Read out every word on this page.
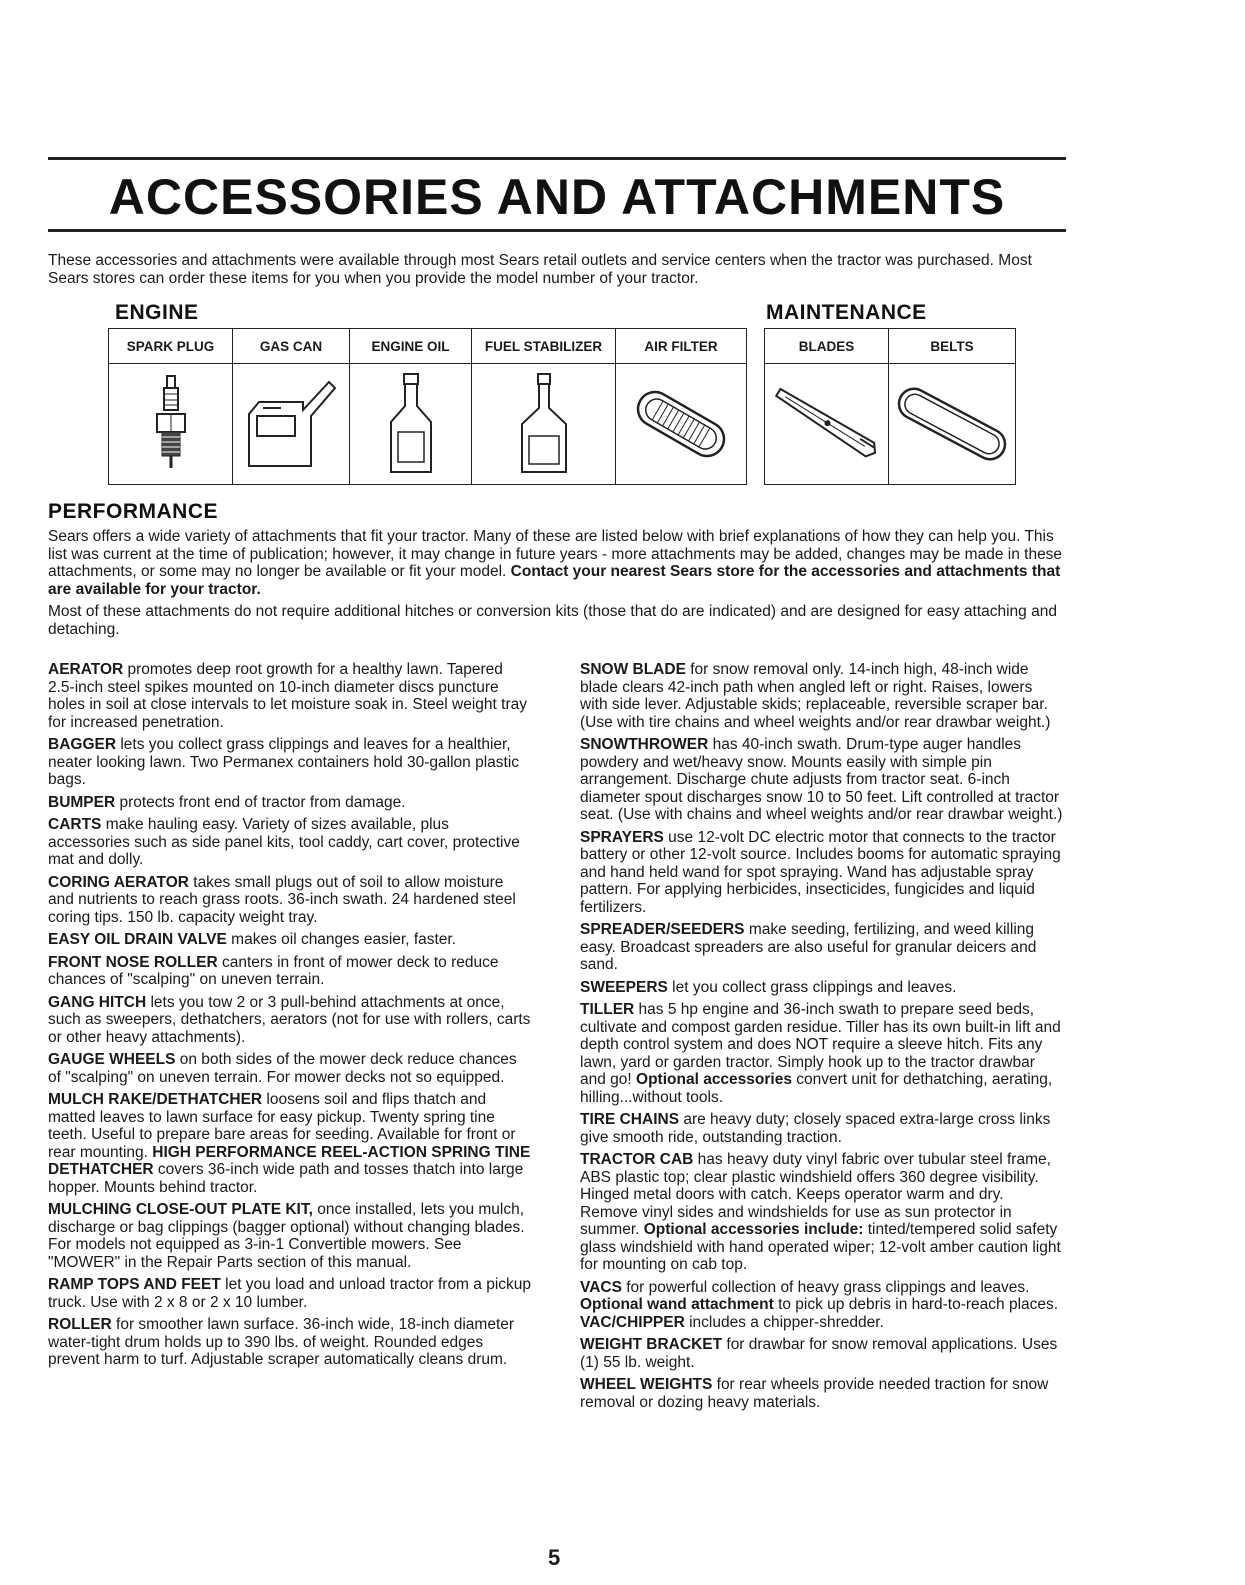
ACCESSORIES AND ATTACHMENTS
These accessories and attachments were available through most Sears retail outlets and service centers when the tractor was purchased. Most Sears stores can order these items for you when you provide the model number of your tractor.
ENGINE	MAINTENANCE
SPARK PLUG	GAS CAN	ENGINE OIL	FUEL STABILIZER	AIR FILTER

		BLADES	BELTS

PERFORMANCE
Sears offers a wide variety of attachments that fit your tractor. Many of these are listed below with brief explanations of how they can help you. This list was current at the time of publication; however, it may change in future years - more attachments may be added, changes may be made in these attachments, or some may no longer be available or fit your model. Contact your nearest Sears store for the accessories and attachments that are available for your tractor.
Most of these attachments do not require additional hitches or conversion kits (those that do are indicated) and are designed for easy attaching and detaching.

AERATOR promotes deep root growth for a healthy lawn. Tapered 2.5-inch steel spikes mounted on 10-inch diameter discs puncture holes in soil at close intervals to let moisture soak in. Steel weight tray for increased penetration.

BAGGER lets you collect grass clippings and leaves for a healthier, neater looking lawn. Two Permanex containers hold 30-gallon plastic bags.

BUMPER protects front end of tractor from damage.

CARTS make hauling easy. Variety of sizes available, plus accessories such as side panel kits, tool caddy, cart cover, protective mat and dolly.

CORING AERATOR takes small plugs out of soil to allow moisture and nutrients to reach grass roots. 36-inch swath. 24 hardened steel coring tips. 150 lb. capacity weight tray.

EASY OIL DRAIN VALVE makes oil changes easier, faster.

FRONT NOSE ROLLER canters in front of mower deck to reduce chances of "scalping" on uneven terrain.

GANG HITCH lets you tow 2 or 3 pull-behind attachments at once, such as sweepers, dethatchers, aerators (not for use with rollers, carts or other heavy attachments).

GAUGE WHEELS on both sides of the mower deck reduce chances of "scalping" on uneven terrain. For mower decks not so equipped.

MULCH RAKE/DETHATCHER loosens soil and flips thatch and matted leaves to lawn surface for easy pickup. Twenty spring tine teeth. Useful to prepare bare areas for seeding. Available for front or rear mounting. HIGH PERFORMANCE REEL-ACTION SPRING TINE DETHATCHER covers 36-inch wide path and tosses thatch into large hopper. Mounts behind tractor.

MULCHING CLOSE-OUT PLATE KIT, once installed, lets you mulch, discharge or bag clippings (bagger optional) without changing blades. For models not equipped as 3-in-1 Convertible mowers. See "MOWER" in the Repair Parts section of this manual.

RAMP TOPS AND FEET let you load and unload tractor from a pickup truck. Use with 2 x 8 or 2 x 10 lumber.

ROLLER for smoother lawn surface. 36-inch wide, 18-inch diameter water-tight drum holds up to 390 lbs. of weight. Rounded edges prevent harm to turf. Adjustable scraper automatically cleans drum.

SNOW BLADE for snow removal only. 14-inch high, 48-inch wide blade clears 42-inch path when angled left or right. Raises, lowers with side lever. Adjustable skids; replaceable, reversible scraper bar. (Use with tire chains and wheel weights and/or rear drawbar weight.)

SNOWTHROWER has 40-inch swath. Drum-type auger handles powdery and wet/heavy snow. Mounts easily with simple pin arrangement. Discharge chute adjusts from tractor seat. 6-inch diameter spout discharges snow 10 to 50 feet. Lift controlled at tractor seat. (Use with chains and wheel weights and/or rear drawbar weight.)

SPRAYERS use 12-volt DC electric motor that connects to the tractor battery or other 12-volt source. Includes booms for automatic spraying and hand held wand for spot spraying. Wand has adjustable spray pattern. For applying herbicides, insecticides, fungicides and liquid fertilizers.

SPREADER/SEEDERS make seeding, fertilizing, and weed killing easy. Broadcast spreaders are also useful for granular deicers and sand.

SWEEPERS let you collect grass clippings and leaves.

TILLER has 5 hp engine and 36-inch swath to prepare seed beds, cultivate and compost garden residue. Tiller has its own built-in lift and depth control system and does NOT require a sleeve hitch. Fits any lawn, yard or garden tractor. Simply hook up to the tractor drawbar and go! Optional accessories convert unit for dethatching, aerating, hilling...without tools.

TIRE CHAINS are heavy duty; closely spaced extra-large cross links give smooth ride, outstanding traction.

TRACTOR CAB has heavy duty vinyl fabric over tubular steel frame, ABS plastic top; clear plastic windshield offers 360 degree visibility. Hinged metal doors with catch. Keeps operator warm and dry. Remove vinyl sides and windshields for use as sun protector in summer. Optional accessories include: tinted/tempered solid safety glass windshield with hand operated wiper; 12-volt amber caution light for mounting on cab top.

VACS for powerful collection of heavy grass clippings and leaves. Optional wand attachment to pick up debris in hard-to-reach places. VAC/CHIPPER includes a chipper-shredder.

WEIGHT BRACKET for drawbar for snow removal applications. Uses (1) 55 lb. weight.

WHEEL WEIGHTS for rear wheels provide needed traction for snow removal or dozing heavy materials.

5
